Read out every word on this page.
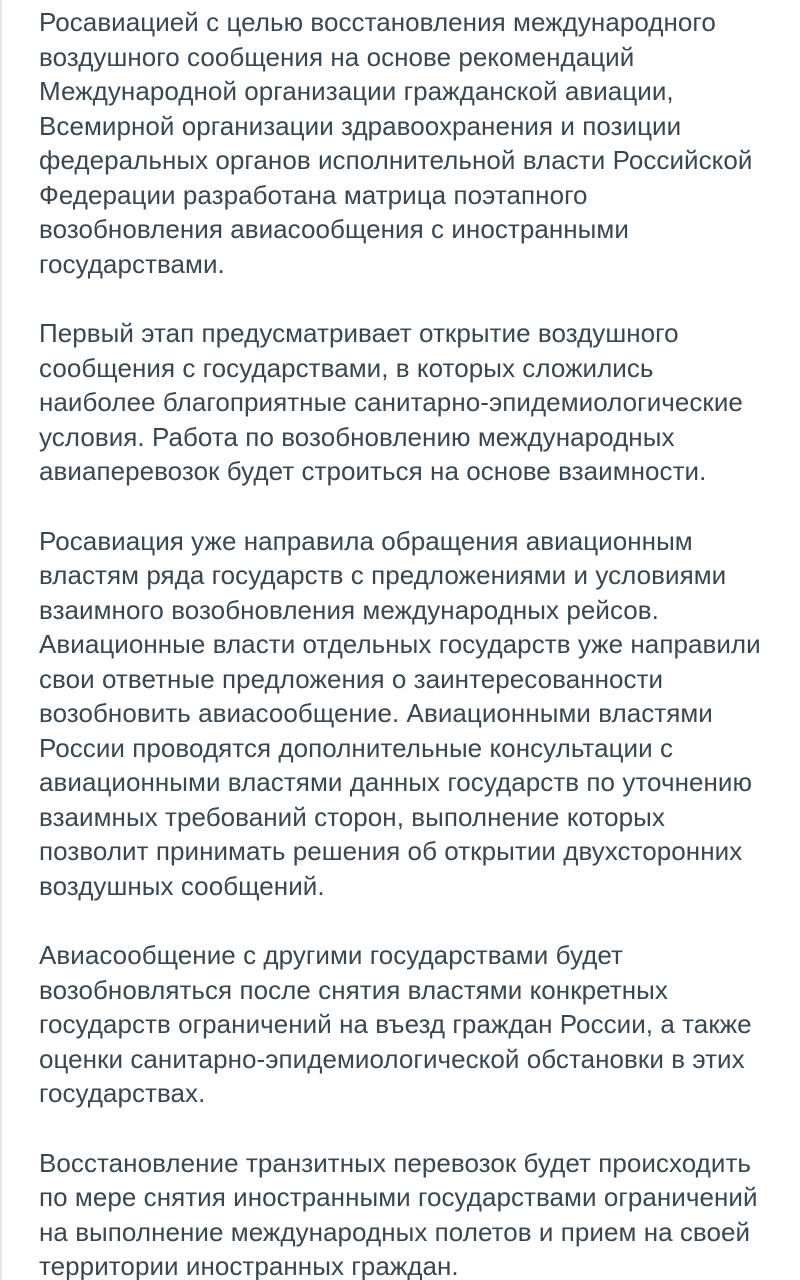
Росавиацией с целью восстановления международного воздушного сообщения на основе рекомендаций Международной организации гражданской авиации, Всемирной организации здравоохранения и позиции федеральных органов исполнительной власти Российской Федерации разработана матрица поэтапного возобновления авиасообщения с иностранными государствами.

Первый этап предусматривает открытие воздушного сообщения с государствами, в которых сложились наиболее благоприятные санитарно-эпидемиологические условия. Работа по возобновлению международных авиаперевозок будет строиться на основе взаимности.

Росавиация уже направила обращения авиационным властям ряда государств с предложениями и условиями взаимного возобновления международных рейсов. Авиационные власти отдельных государств уже направили свои ответные предложения о заинтересованности возобновить авиасообщение. Авиационными властями России проводятся дополнительные консультации с авиационными властями данных государств по уточнению взаимных требований сторон, выполнение которых позволит принимать решения об открытии двухсторонних воздушных сообщений.

Авиасообщение с другими государствами будет возобновляться после снятия властями конкретных государств ограничений на въезд граждан России, а также оценки санитарно-эпидемиологической обстановки в этих государствах.

Восстановление транзитных перевозок будет происходить по мере снятия иностранными государствами ограничений на выполнение международных полетов и прием на своей территории иностранных граждан.
